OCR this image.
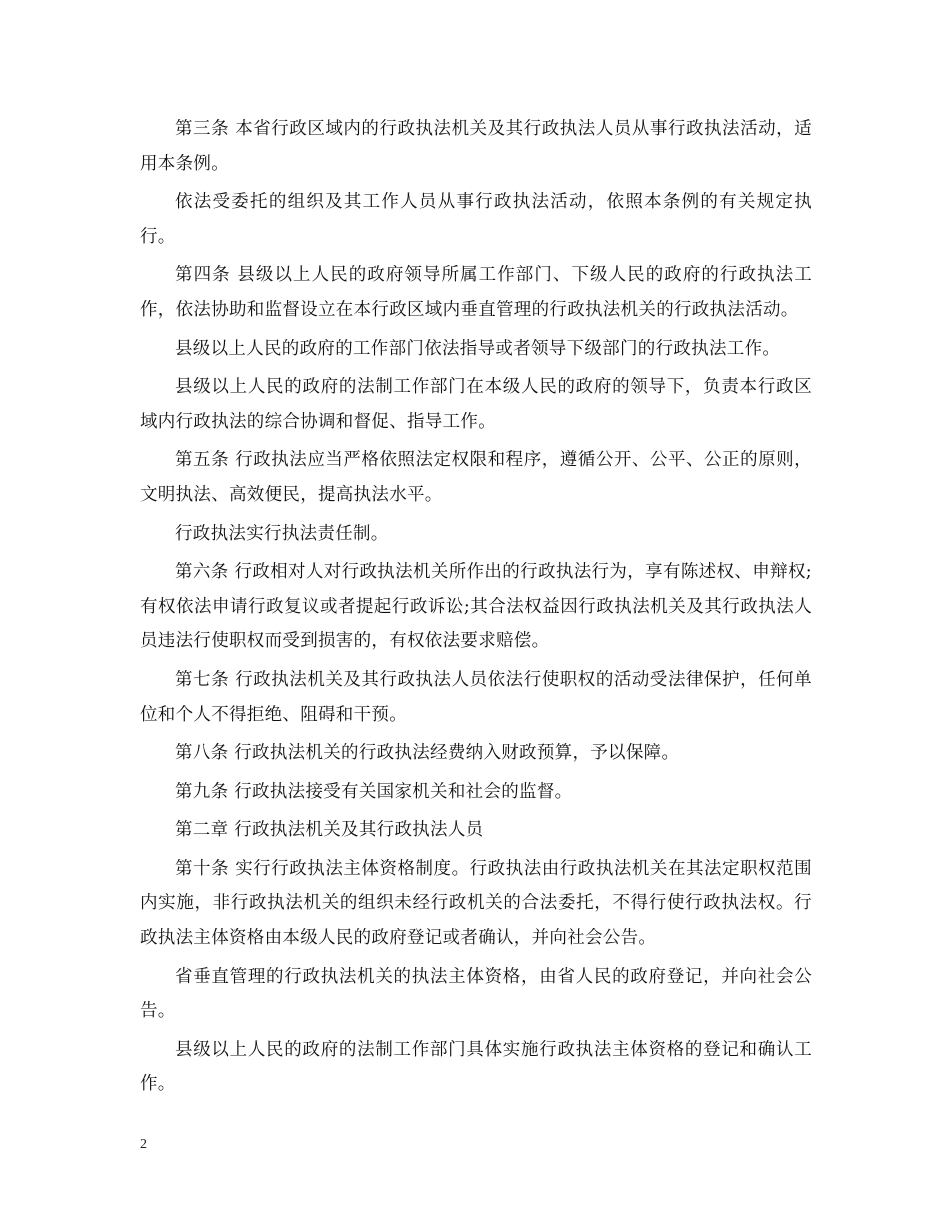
第三条 本省行政区域内的行政执法机关及其行政执法人员从事行政执法活动，适用本条例。

依法受委托的组织及其工作人员从事行政执法活动，依照本条例的有关规定执行。

第四条 县级以上人民的政府领导所属工作部门、下级人民的政府的行政执法工作，依法协助和监督设立在本行政区域内垂直管理的行政执法机关的行政执法活动。

县级以上人民的政府的工作部门依法指导或者领导下级部门的行政执法工作。

县级以上人民的政府的法制工作部门在本级人民的政府的领导下，负责本行政区域内行政执法的综合协调和督促、指导工作。

第五条 行政执法应当严格依照法定权限和程序，遵循公开、公平、公正的原则，文明执法、高效便民，提高执法水平。

行政执法实行执法责任制。

第六条 行政相对人对行政执法机关所作出的行政执法行为，享有陈述权、申辩权;有权依法申请行政复议或者提起行政诉讼;其合法权益因行政执法机关及其行政执法人员违法行使职权而受到损害的，有权依法要求赔偿。

第七条 行政执法机关及其行政执法人员依法行使职权的活动受法律保护，任何单位和个人不得拒绝、阻碍和干预。

第八条 行政执法机关的行政执法经费纳入财政预算，予以保障。

第九条 行政执法接受有关国家机关和社会的监督。

第二章 行政执法机关及其行政执法人员

第十条 实行行政执法主体资格制度。行政执法由行政执法机关在其法定职权范围内实施，非行政执法机关的组织未经行政机关的合法委托，不得行使行政执法权。行政执法主体资格由本级人民的政府登记或者确认，并向社会公告。

省垂直管理的行政执法机关的执法主体资格，由省人民的政府登记，并向社会公告。

县级以上人民的政府的法制工作部门具体实施行政执法主体资格的登记和确认工作。

2
